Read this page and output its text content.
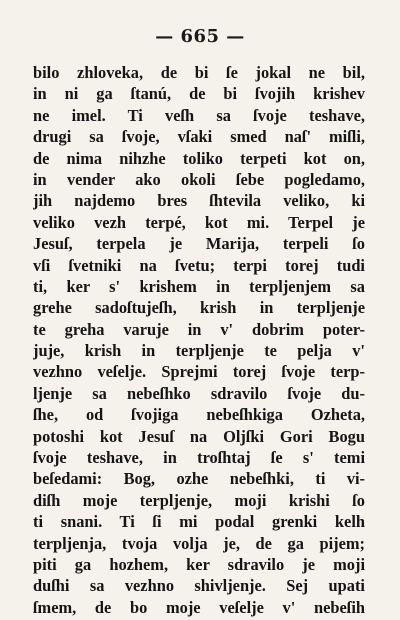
— 665 —
bilo zhloveka, de bi ſe jokal ne bil,
in ni ga ſtanú, de bi ſvojih krishev
ne imel. Ti veſh sa ſvoje teshave,
drugi sa ſvoje, vſaki smed naſ' miſli,
de nima nihzhe toliko terpeti kot on,
in vender ako okoli ſebe pogledamo,
jih najdemo bres ſhtevila veliko, ki
veliko vezh terpé, kot mi. Terpel je
Jesuſ, terpela je Marija, terpeli ſo
vſi ſvetniki na ſvetu; terpi torej tudi
ti, ker s' krishem in terpljenjem sa
grehe sadoſtujeſh, krish in terpljenje
te greha varuje in v' dobrim poter-
juje, krish in terpljenje te pelja v'
vezhno veſelje. Sprejmi torej ſvoje terp-
ljenje sa nebeſhko sdravilo ſvoje du-
ſhe, od ſvojiga nebeſhkiga Ozheta,
potoshi kot Jesuſ na Oljſki Gori Bogu
ſvoje teshave, in troſhtaj ſe s' temi
beſedami: Bog, ozhe nebeſhki, ti vi-
diſh moje terpljenje, moji krishi ſo
ti snani. Ti ſi mi podal grenki kelh
terpljenja, tvoja volja je, de ga pijem;
piti ga hozhem, ker sdravilo je moji
duſhi sa vezhno shivljenje. Sej upati
ſmem, de bo moje veſelje v' nebeſih
